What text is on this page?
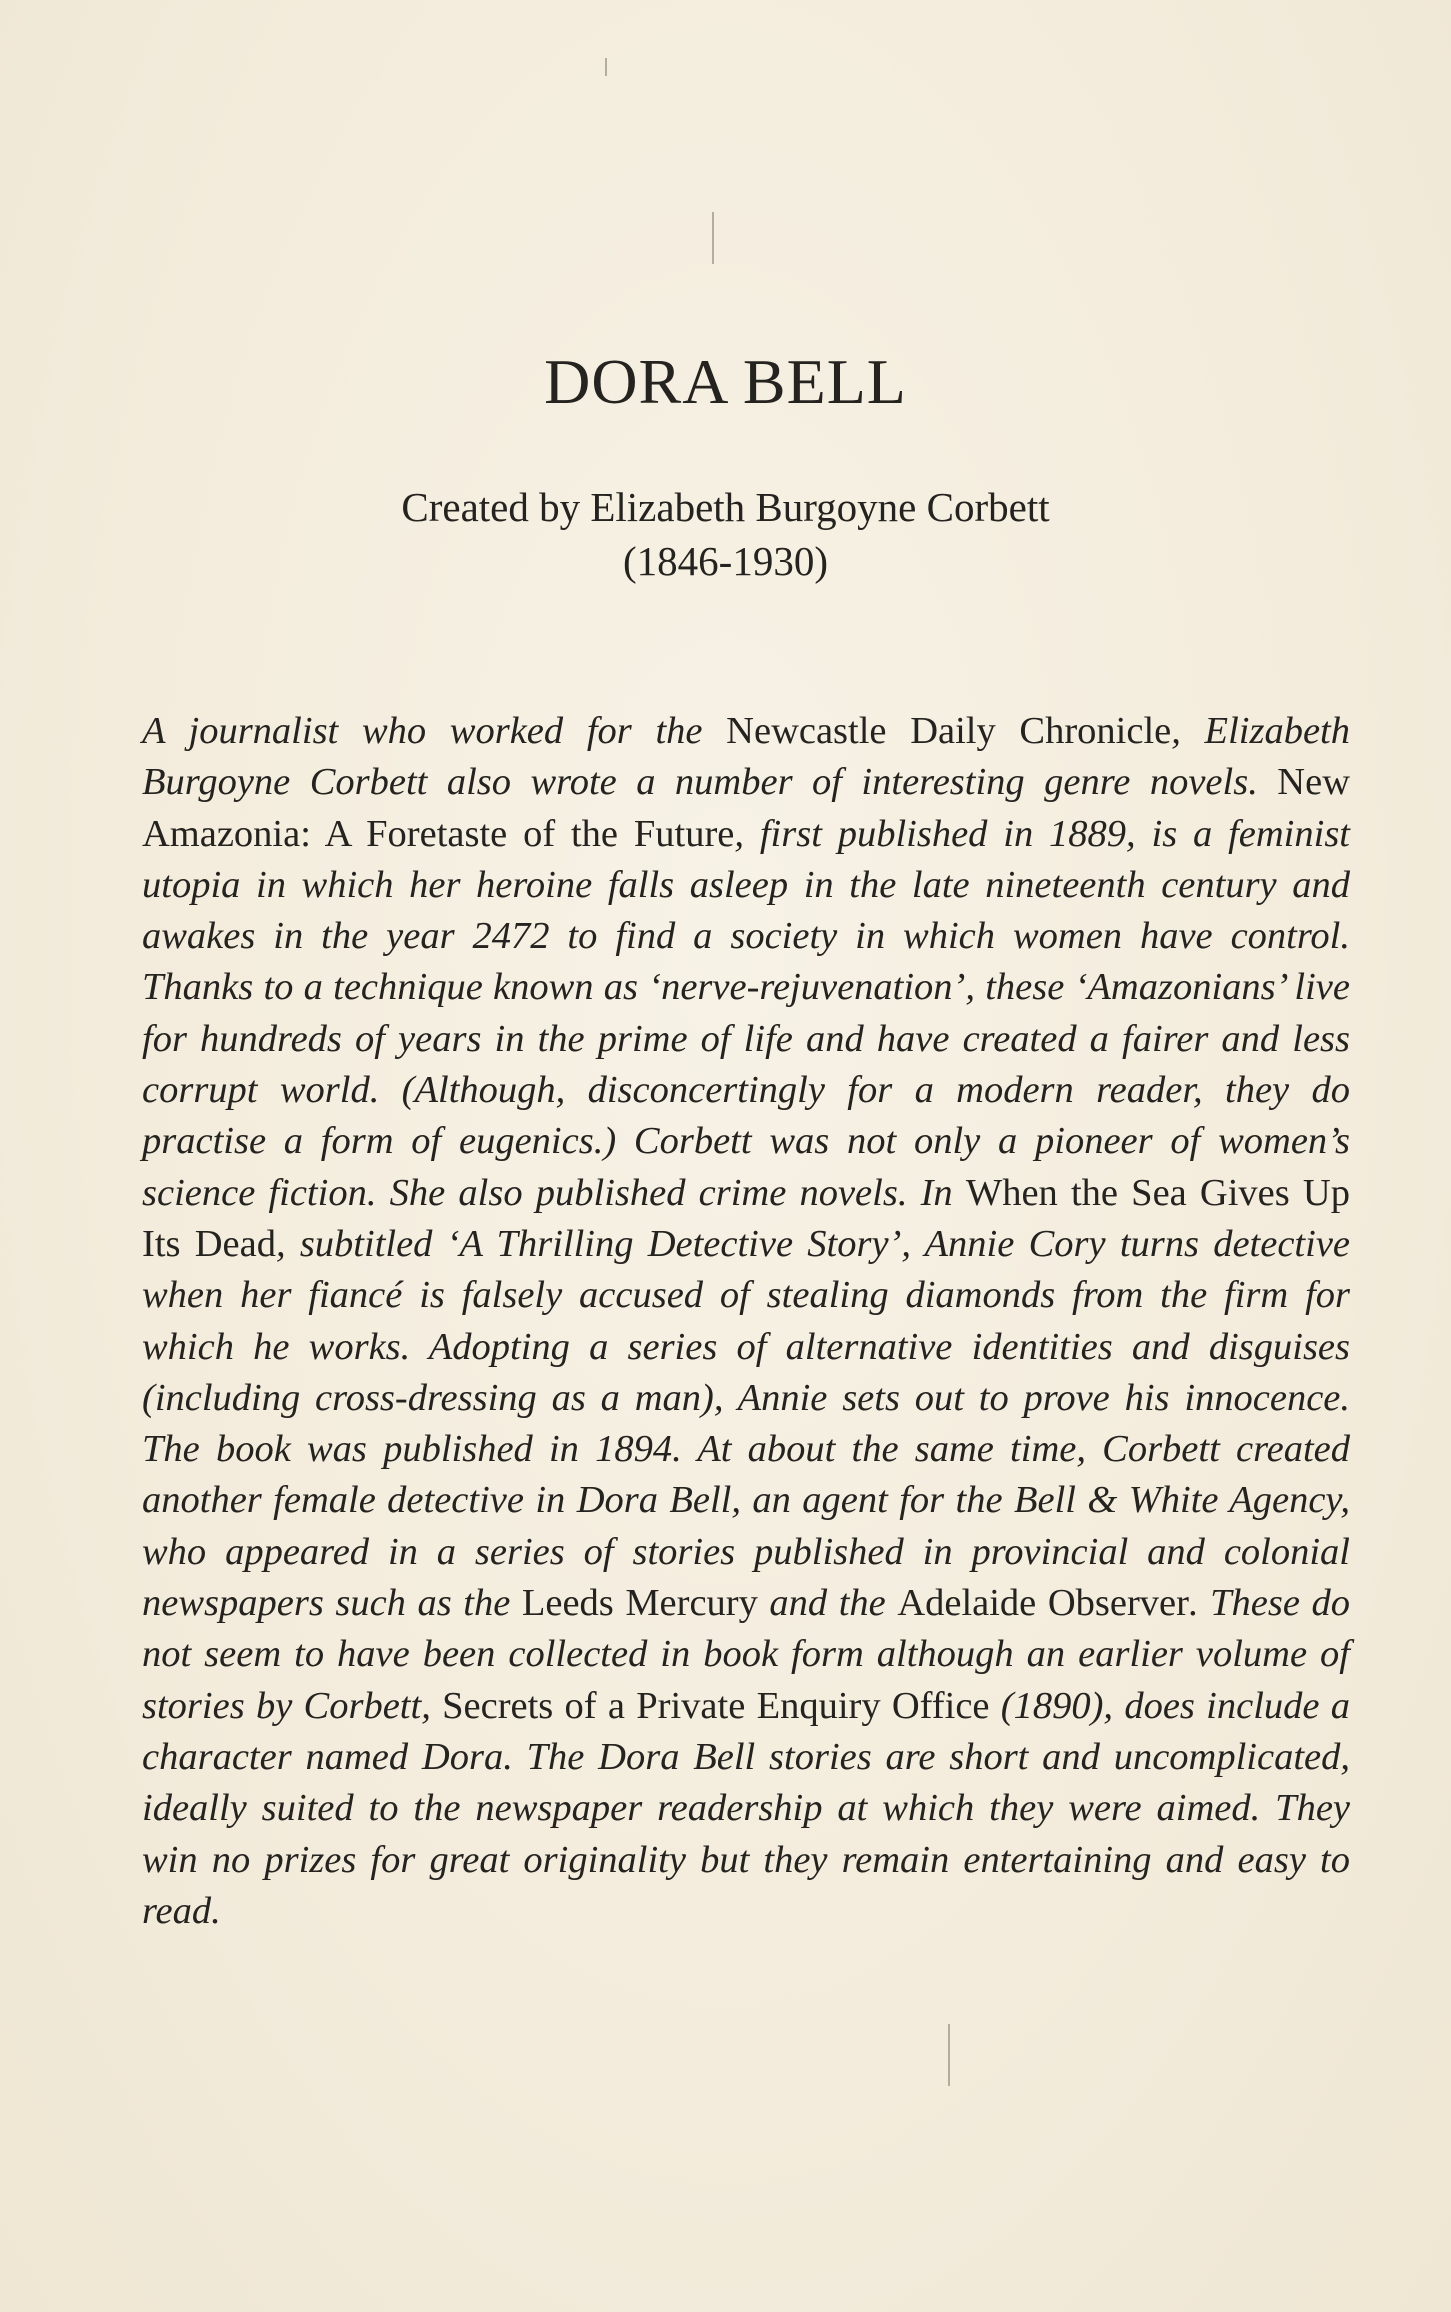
DORA BELL
Created by Elizabeth Burgoyne Corbett
(1846-1930)

A journalist who worked for the Newcastle Daily Chronicle, Elizabeth Burgoyne Corbett also wrote a number of interesting genre novels. New Amazonia: A Foretaste of the Future, first published in 1889, is a feminist utopia in which her heroine falls asleep in the late nineteenth century and awakes in the year 2472 to find a society in which women have control. Thanks to a technique known as ‘nerve-rejuvenation’, these ‘Amazonians’ live for hundreds of years in the prime of life and have created a fairer and less corrupt world. (Although, disconcertingly for a modern reader, they do practise a form of eugenics.) Corbett was not only a pioneer of women’s science fiction. She also published crime novels. In When the Sea Gives Up Its Dead, subtitled ‘A Thrilling Detective Story’, Annie Cory turns detective when her fiancé is falsely accused of stealing diamonds from the firm for which he works. Adopting a series of alternative identities and disguises (including cross-dressing as a man), Annie sets out to prove his innocence. The book was published in 1894. At about the same time, Corbett created another female detective in Dora Bell, an agent for the Bell & White Agency, who appeared in a series of stories published in provincial and colonial newspapers such as the Leeds Mercury and the Adelaide Observer. These do not seem to have been collected in book form although an earlier volume of stories by Corbett, Secrets of a Private Enquiry Office (1890), does include a character named Dora. The Dora Bell stories are short and uncomplicated, ideally suited to the newspaper readership at which they were aimed. They win no prizes for great originality but they remain entertaining and easy to read.
